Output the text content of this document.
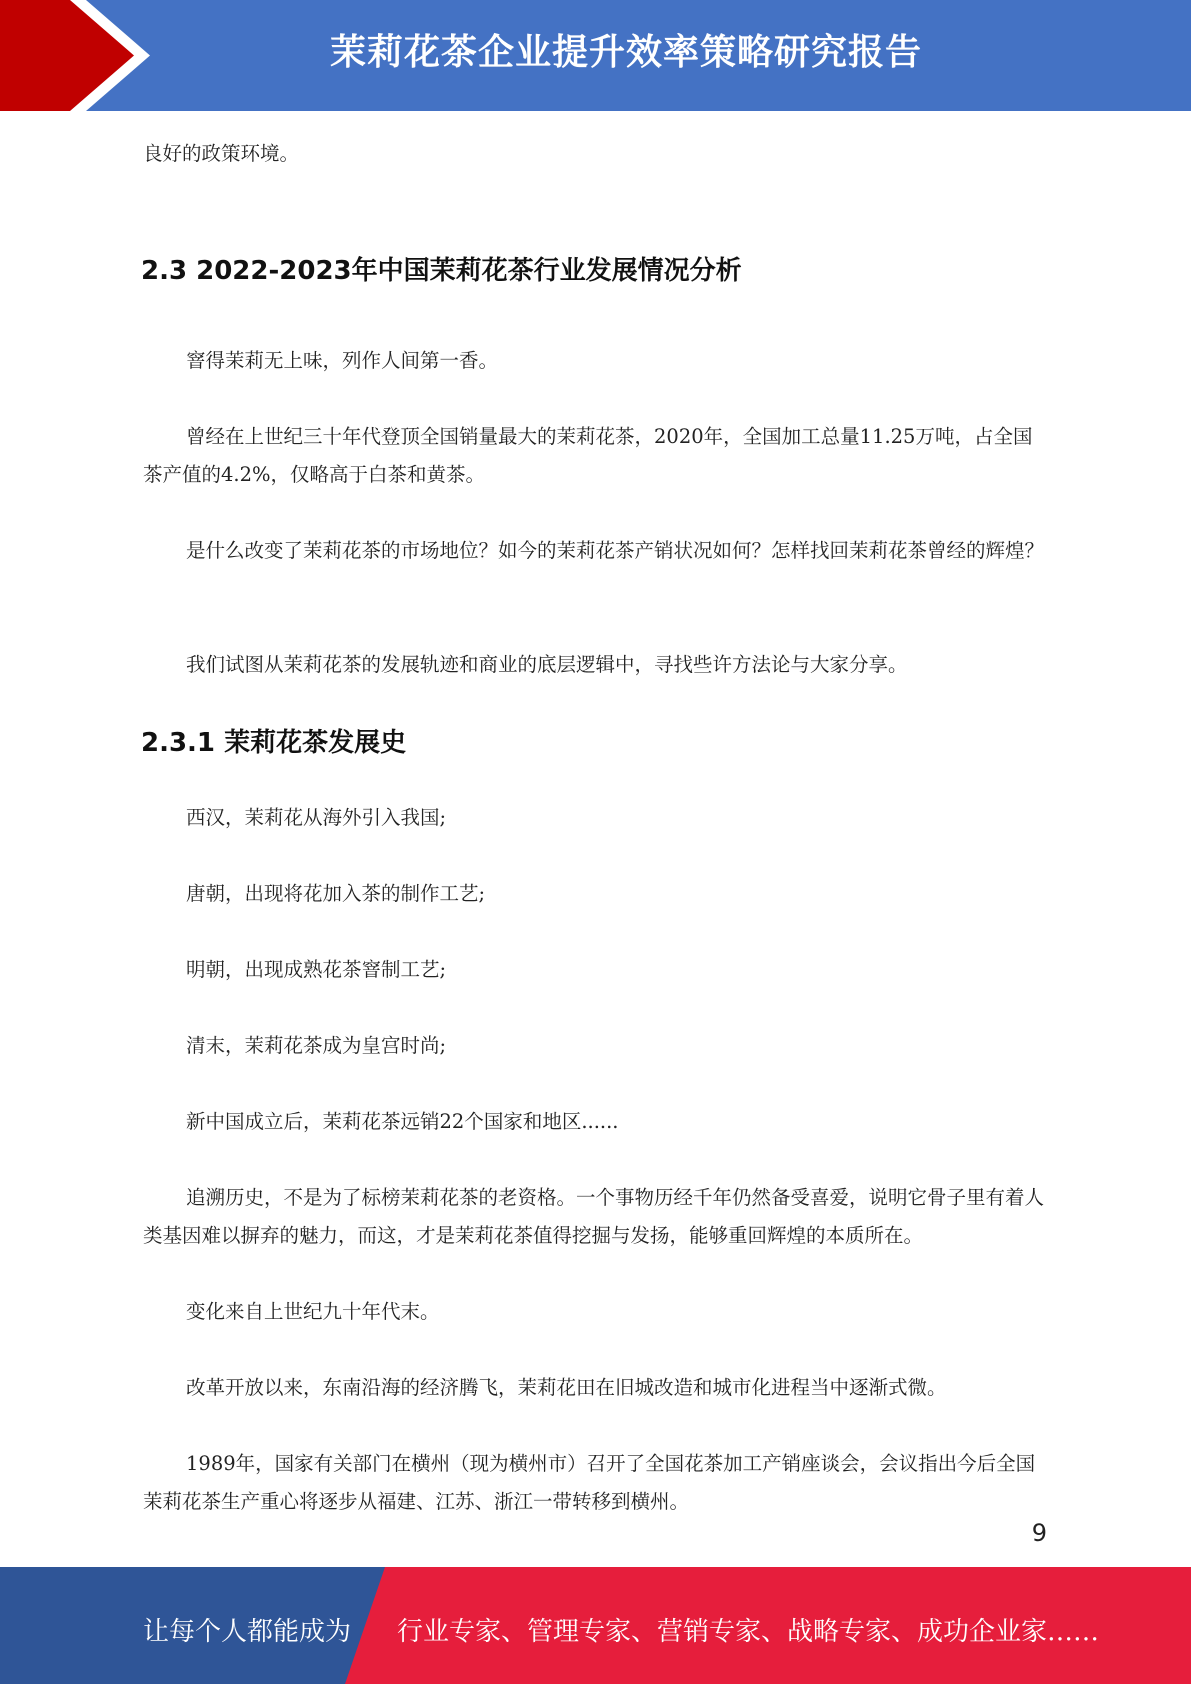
茉莉花茶企业提升效率策略研究报告
良好的政策环境。
2.3 2022-2023年中国茉莉花茶行业发展情况分析
窨得茉莉无上味，列作人间第一香。
曾经在上世纪三十年代登顶全国销量最大的茉莉花茶，2020年，全国加工总量11.25万吨，占全国茶产值的4.2%，仅略高于白茶和黄茶。
是什么改变了茉莉花茶的市场地位？如今的茉莉花茶产销状况如何？怎样找回茉莉花茶曾经的辉煌？
我们试图从茉莉花茶的发展轨迹和商业的底层逻辑中，寻找些许方法论与大家分享。
2.3.1 茉莉花茶发展史
西汉，茉莉花从海外引入我国;
唐朝，出现将花加入茶的制作工艺;
明朝，出现成熟花茶窨制工艺;
清末，茉莉花茶成为皇宫时尚;
新中国成立后，茉莉花茶远销22个国家和地区......
追溯历史，不是为了标榜茉莉花茶的老资格。一个事物历经千年仍然备受喜爱，说明它骨子里有着人类基因难以摒弃的魅力，而这，才是茉莉花茶值得挖掘与发扬，能够重回辉煌的本质所在。
变化来自上世纪九十年代末。
改革开放以来，东南沿海的经济腾飞，茉莉花田在旧城改造和城市化进程当中逐渐式微。
1989年，国家有关部门在横州（现为横州市）召开了全国花茶加工产销座谈会，会议指出今后全国茉莉花茶生产重心将逐步从福建、江苏、浙江一带转移到横州。
9
让每个人都能成为 行业专家、管理专家、营销专家、战略专家、成功企业家……
